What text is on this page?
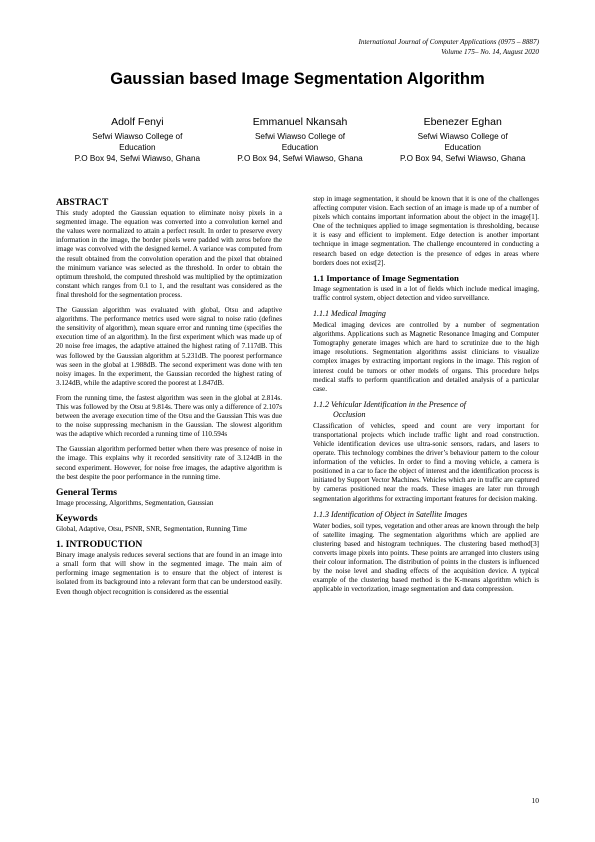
International Journal of Computer Applications (0975 – 8887)
Volume 175– No. 14, August 2020
Gaussian based Image Segmentation Algorithm
Adolf Fenyi
Sefwi Wiawso College of
Education
P.O Box 94, Sefwi Wiawso, Ghana
Emmanuel Nkansah
Sefwi Wiawso College of
Education
P.O Box 94, Sefwi Wiawso, Ghana
Ebenezer Eghan
Sefwi Wiawso College of
Education
P.O Box 94, Sefwi Wiawso, Ghana
ABSTRACT

This study adopted the Gaussian equation to eliminate noisy pixels in a segmented image. The equation was converted into a convolution kernel and the values were normalized to attain a perfect result. In order to preserve every information in the image, the border pixels were padded with zeros before the image was convolved with the designed kernel. A variance was computed from the result obtained from the convolution operation and the pixel that obtained the minimum variance was selected as the threshold. In order to obtain the optimum threshold, the computed threshold was multiplied by the optimization constant which ranges from 0.1 to 1, and the resultant was considered as the final threshold for the segmentation process.

The Gaussian algorithm was evaluated with global, Otsu and adaptive algorithms. The performance metrics used were signal to noise ratio (defines the sensitivity of algorithm), mean square error and running time (specifies the execution time of an algorithm). In the first experiment which was made up of 20 noise free images, the adaptive attained the highest rating of 7.117dB. This was followed by the Gaussian algorithm at 5.231dB. The poorest performance was seen in the global at 1.988dB. The second experiment was done with ten noisy images. In the experiment, the Gaussian recorded the highest rating of 3.124dB, while the adaptive scored the poorest at 1.847dB.

From the running time, the fastest algorithm was seen in the global at 2.814s. This was followed by the Otsu at 9.814s. There was only a difference of 2.107s between the average execution time of the Otsu and the Gaussian This was due to the noise suppressing mechanism in the Gaussian. The slowest algorithm was the adaptive which recorded a running time of 110.594s

The Gaussian algorithm performed better when there was presence of noise in the image. This explains why it recorded sensitivity rate of 3.124dB in the second experiment. However, for noise free images, the adaptive algorithm is the best despite the poor performance in the running time.

General Terms

Image processing, Algorithms, Segmentation, Gaussian

Keywords

Global, Adaptive, Otsu, PSNR, SNR, Segmentation, Running Time

1. INTRODUCTION

Binary image analysis reduces several sections that are found in an image into a small form that will show in the segmented image. The main aim of performing image segmentation is to ensure that the object of interest is isolated from its background into a relevant form that can be understood easily. Even though object recognition is considered as the essential

step in image segmentation, it should be known that it is one of the challenges affecting computer vision. Each section of an image is made up of a number of pixels which contains important information about the object in the image[1]. One of the techniques applied to image segmentation is thresholding, because it is easy and efficient to implement. Edge detection is another important technique in image segmentation. The challenge encountered in conducting a research based on edge detection is the presence of edges in areas where borders does not exist[2].

1.1 Importance of Image Segmentation

Image segmentation is used in a lot of fields which include medical imaging, traffic control system, object detection and video surveillance.

1.1.1 Medical Imaging

Medical imaging devices are controlled by a number of segmentation algorithms. Applications such as Magnetic Resonance Imaging and Computer Tomography generate images which are hard to scrutinize due to the high image resolutions. Segmentation algorithms assist clinicians to visualize complex images by extracting important regions in the image. This region of interest could be tumors or other models of organs. This procedure helps medical staffs to perform quantification and detailed analysis of a particular case.

1.1.2 Vehicular Identification in the Presence of
Occlusion

Classification of vehicles, speed and count are very important for transportational projects which include traffic light and road construction. Vehicle identification devices use ultra-sonic sensors, radars, and lasers to operate. This technology combines the driver’s behaviour pattern to the colour information of the vehicles. In order to find a moving vehicle, a camera is positioned in a car to face the object of interest and the identification process is initiated by Support Vector Machines. Vehicles which are in traffic are captured by cameras positioned near the roads. These images are later run through segmentation algorithms for extracting important features for decision making.

1.1.3 Identification of Object in Satellite Images

Water bodies, soil types, vegetation and other areas are known through the help of satellite imaging. The segmentation algorithms which are applied are clustering based and histogram techniques. The clustering based method[3] converts image pixels into points. These points are arranged into clusters using their colour information. The distribution of points in the clusters is influenced by the noise level and shading effects of the acquisition device. A typical example of the clustering based method is the K-means algorithm which is applicable in vectorization, image segmentation and data compression.

10
